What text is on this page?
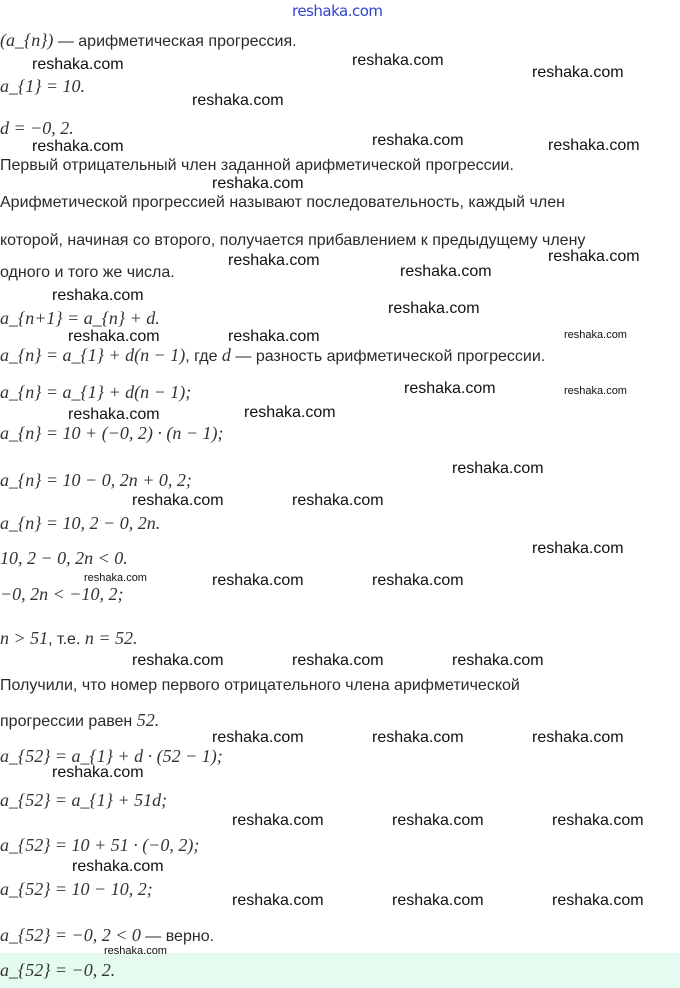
reshaka.com
(a_{n}) — арифметическая прогрессия.
a_{1} = 10.
d = −0, 2.
Первый отрицательный член заданной арифметической прогрессии.
Арифметической прогрессией называют последовательность, каждый член
которой, начиная со второго, получается прибавлением к предыдущему члену
одного и того же числа.
a_{n+1} = a_{n} + d.
a_{n} = a_{1} + d(n − 1), где d — разность арифметической прогрессии.
a_{n} = a_{1} + d(n − 1);
a_{n} = 10 + (−0, 2) · (n − 1);
a_{n} = 10 − 0, 2n + 0, 2;
a_{n} = 10, 2 − 0, 2n.
10, 2 − 0, 2n < 0.
−0, 2n < −10, 2;
n > 51, т.е. n = 52.
Получили, что номер первого отрицательного члена арифметической
прогрессии равен 52.
a_{52} = a_{1} + d · (52 − 1);
a_{52} = a_{1} + 51d;
a_{52} = 10 + 51 · (−0, 2);
a_{52} = 10 − 10, 2;
a_{52} = −0, 2 < 0 — верно.
a_{52} = −0, 2.
reshaka.com	reshaka.com
reshaka.com
reshaka.com
reshaka.com	reshaka.com	reshaka.com
reshaka.com
reshaka.com
reshaka.com
reshaka.com	reshaka.com
reshaka.com
reshaka.com	reshaka.com
reshaka.com
reshaka.com	reshaka.com
reshaka.com	reshaka.com
reshaka.com
reshaka.com	reshaka.com
reshaka.com
reshaka.com	reshaka.com	reshaka.com
reshaka.com	reshaka.com	reshaka.com
reshaka.com	reshaka.com	reshaka.com
reshaka.com
reshaka.com	reshaka.com	reshaka.com
reshaka.com
reshaka.com	reshaka.com	reshaka.com
reshaka.com
